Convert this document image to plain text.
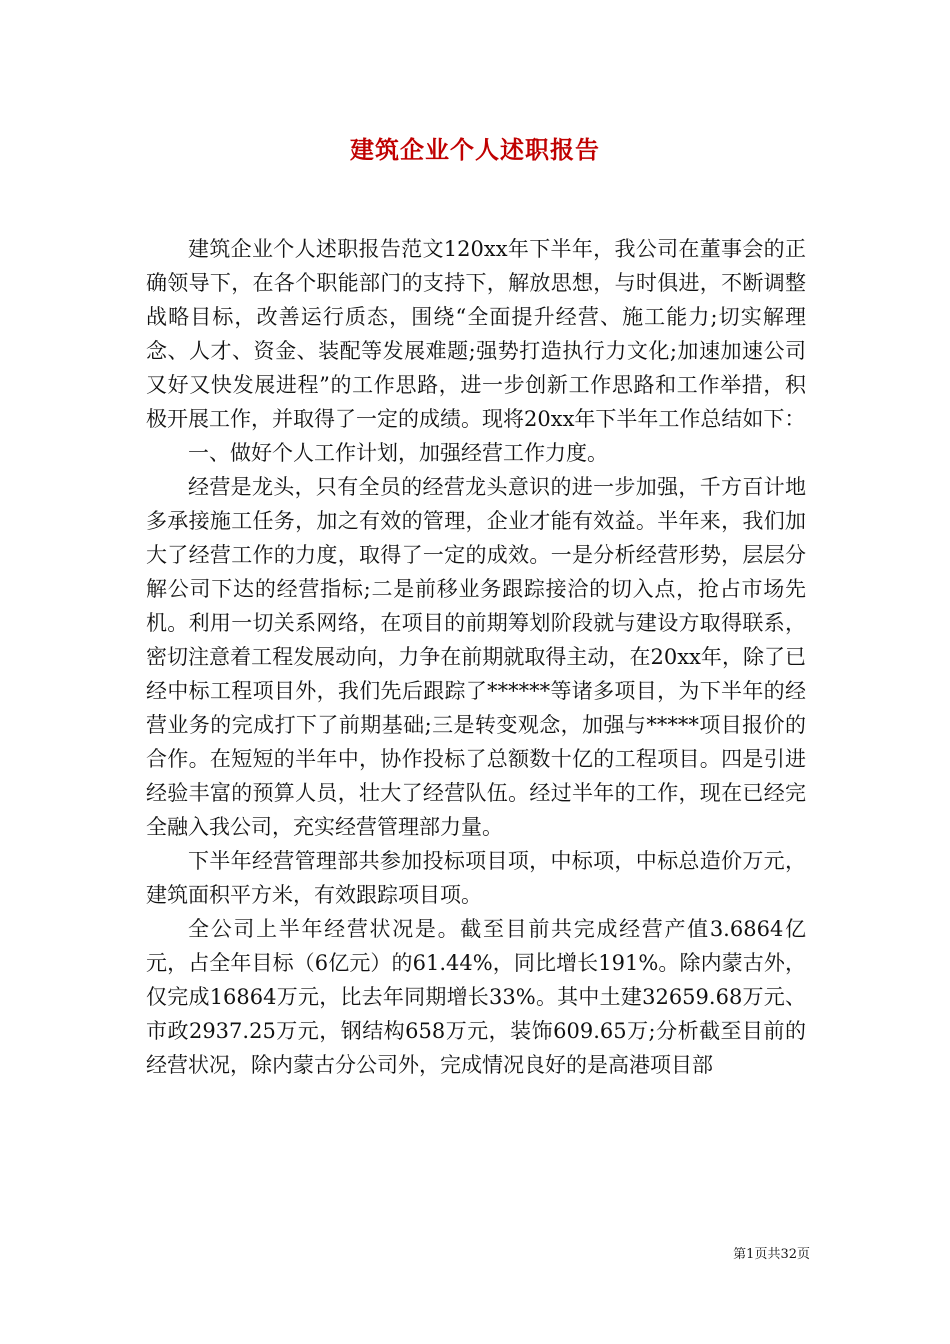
建筑企业个人述职报告

建筑企业个人述职报告范文120xx年下半年，我公司在董事会的正确领导下，在各个职能部门的支持下，解放思想，与时俱进，不断调整战略目标，改善运行质态，围绕“全面提升经营、施工能力;切实解理念、人才、资金、装配等发展难题;强势打造执行力文化;加速加速公司又好又快发展进程”的工作思路，进一步创新工作思路和工作举措，积极开展工作，并取得了一定的成绩。现将20xx年下半年工作总结如下：

一、做好个人工作计划，加强经营工作力度。

经营是龙头，只有全员的经营龙头意识的进一步加强，千方百计地多承接施工任务，加之有效的管理，企业才能有效益。半年来，我们加大了经营工作的力度，取得了一定的成效。一是分析经营形势，层层分解公司下达的经营指标;二是前移业务跟踪接洽的切入点，抢占市场先机。利用一切关系网络，在项目的前期筹划阶段就与建设方取得联系，密切注意着工程发展动向，力争在前期就取得主动，在20xx年，除了已经中标工程项目外，我们先后跟踪了******等诸多项目，为下半年的经营业务的完成打下了前期基础;三是转变观念，加强与*****项目报价的合作。在短短的半年中，协作投标了总额数十亿的工程项目。四是引进经验丰富的预算人员，壮大了经营队伍。经过半年的工作，现在已经完全融入我公司，充实经营管理部力量。

下半年经营管理部共参加投标项目项，中标项，中标总造价万元，建筑面积平方米，有效跟踪项目项。

全公司上半年经营状况是。截至目前共完成经营产值3.6864亿元，占全年目标（6亿元）的61.44%，同比增长191%。除内蒙古外，仅完成16864万元，比去年同期增长33%。其中土建32659.68万元、市政2937.25万元，钢结构658万元，装饰609.65万;分析截至目前的经营状况，除内蒙古分公司外，完成情况良好的是高港项目部

第1页共32页
